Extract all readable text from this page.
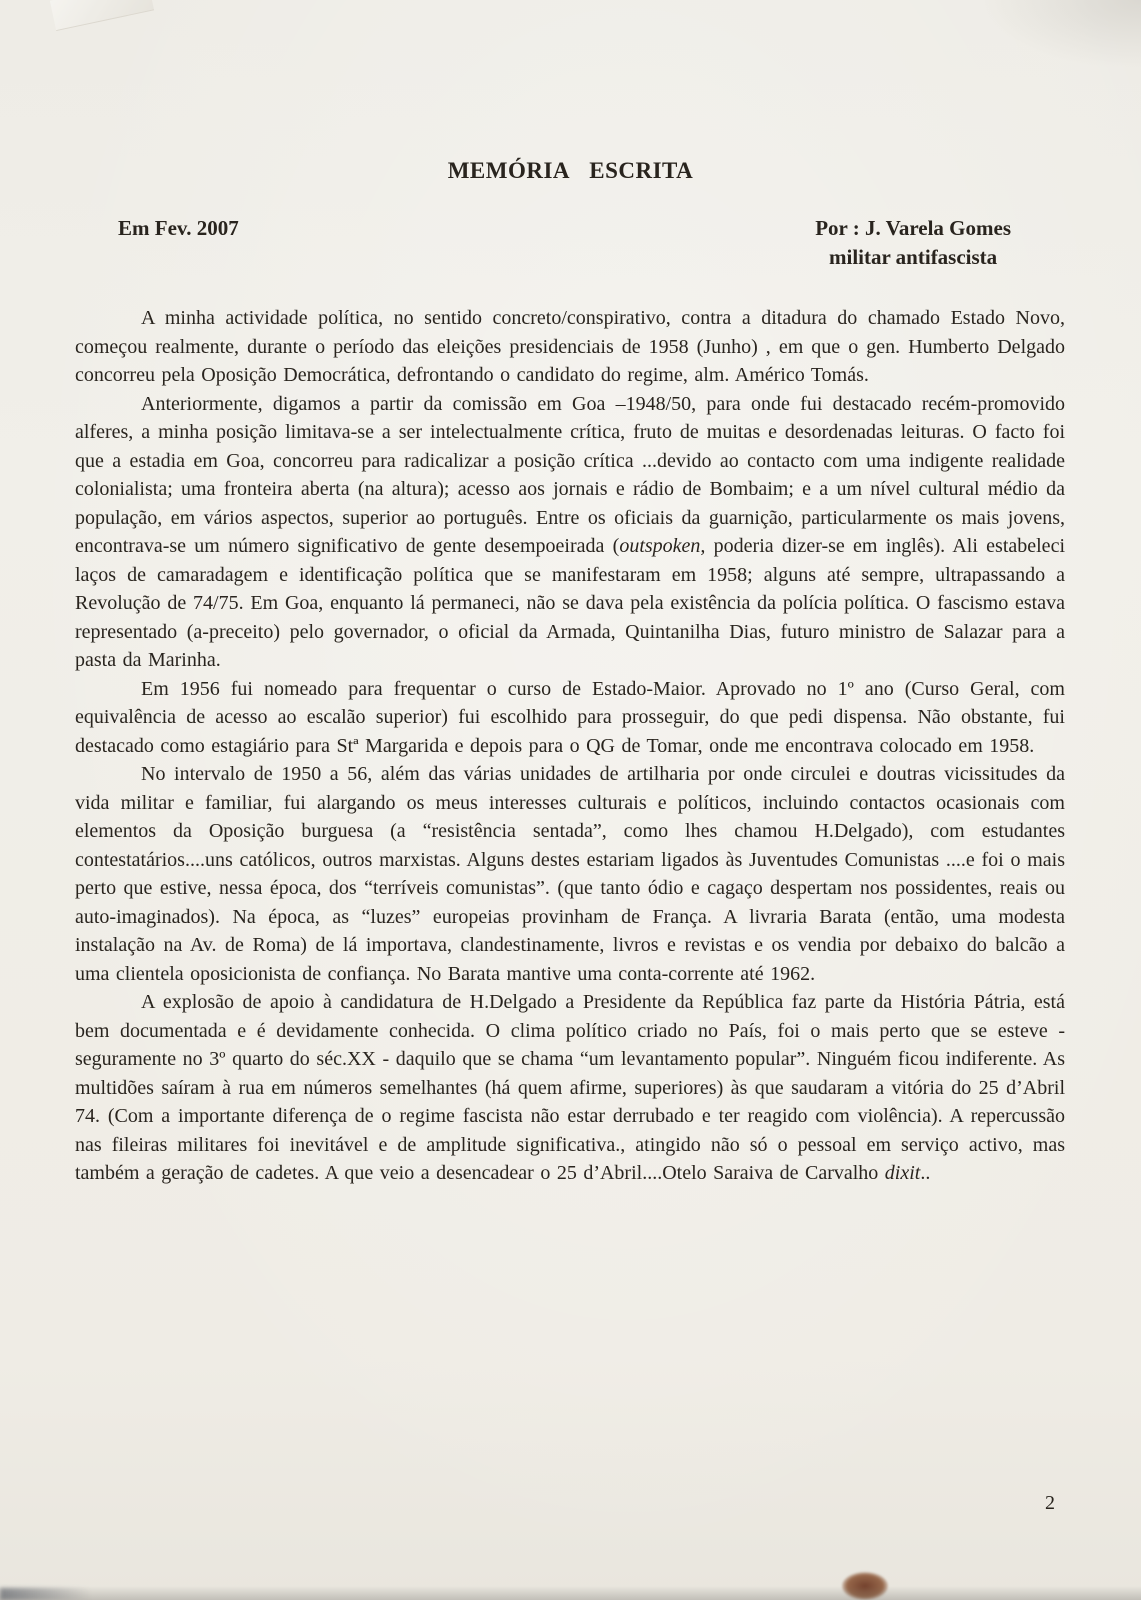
MEMÓRIA  ESCRITA
Em Fev. 2007	Por : J. Varela Gomes
militar antifascista

A minha actividade política, no sentido concreto/conspirativo, contra a ditadura do chamado Estado Novo, começou realmente, durante o período das eleições presidenciais de 1958 (Junho) , em que o gen. Humberto Delgado concorreu pela Oposição Democrática, defrontando o candidato do regime, alm. Américo Tomás.

Anteriormente, digamos a partir da comissão em Goa –1948/50, para onde fui destacado recém-promovido alferes, a minha posição limitava-se a ser intelectualmente crítica, fruto de muitas e desordenadas leituras. O facto foi que a estadia em Goa, concorreu para radicalizar a posição crítica ...devido ao contacto com uma indigente realidade colonialista; uma fronteira aberta (na altura); acesso aos jornais e rádio de Bombaim; e a um nível cultural médio da população, em vários aspectos, superior ao português. Entre os oficiais da guarnição, particularmente os mais jovens, encontrava-se um número significativo de gente desempoeirada (outspoken, poderia dizer-se em inglês). Ali estabeleci laços de camaradagem e identificação política que se manifestaram em 1958; alguns até sempre, ultrapassando a Revolução de 74/75. Em Goa, enquanto lá permaneci, não se dava pela existência da polícia política. O fascismo estava representado (a-preceito) pelo governador, o oficial da Armada, Quintanilha Dias, futuro ministro de Salazar para a pasta da Marinha.

Em 1956 fui nomeado para frequentar o curso de Estado-Maior. Aprovado no 1º ano (Curso Geral, com equivalência de acesso ao escalão superior) fui escolhido para prosseguir, do que pedi dispensa. Não obstante, fui destacado como estagiário para Stª Margarida e depois para o QG de Tomar, onde me encontrava colocado em 1958.

No intervalo de 1950 a 56, além das várias unidades de artilharia por onde circulei e doutras vicissitudes da vida militar e familiar, fui alargando os meus interesses culturais e políticos, incluindo contactos ocasionais com elementos da Oposição burguesa (a “resistência sentada”, como lhes chamou H.Delgado), com estudantes contestatários....uns católicos, outros marxistas. Alguns destes estariam ligados às Juventudes Comunistas ....e foi o mais perto que estive, nessa época, dos “terríveis comunistas”. (que tanto ódio e cagaço despertam nos possidentes, reais ou auto-imaginados). Na época, as “luzes” europeias provinham de França. A livraria Barata (então, uma modesta instalação na Av. de Roma) de lá importava, clandestinamente, livros e revistas e os vendia por debaixo do balcão a uma clientela oposicionista de confiança. No Barata mantive uma conta-corrente até 1962.

A explosão de apoio à candidatura de H.Delgado a Presidente da República faz parte da História Pátria, está bem documentada e é devidamente conhecida. O clima político criado no País, foi o mais perto que se esteve - seguramente no 3º quarto do séc.XX - daquilo que se chama “um levantamento popular”. Ninguém ficou indiferente. As multidões saíram à rua em números semelhantes (há quem afirme, superiores) às que saudaram a vitória do 25 d’Abril 74. (Com a importante diferença de o regime fascista não estar derrubado e ter reagido com violência). A repercussão nas fileiras militares foi inevitável e de amplitude significativa., atingido não só o pessoal em serviço activo, mas também a geração de cadetes. A que veio a desencadear o 25 d’Abril....Otelo Saraiva de Carvalho dixit..

2
